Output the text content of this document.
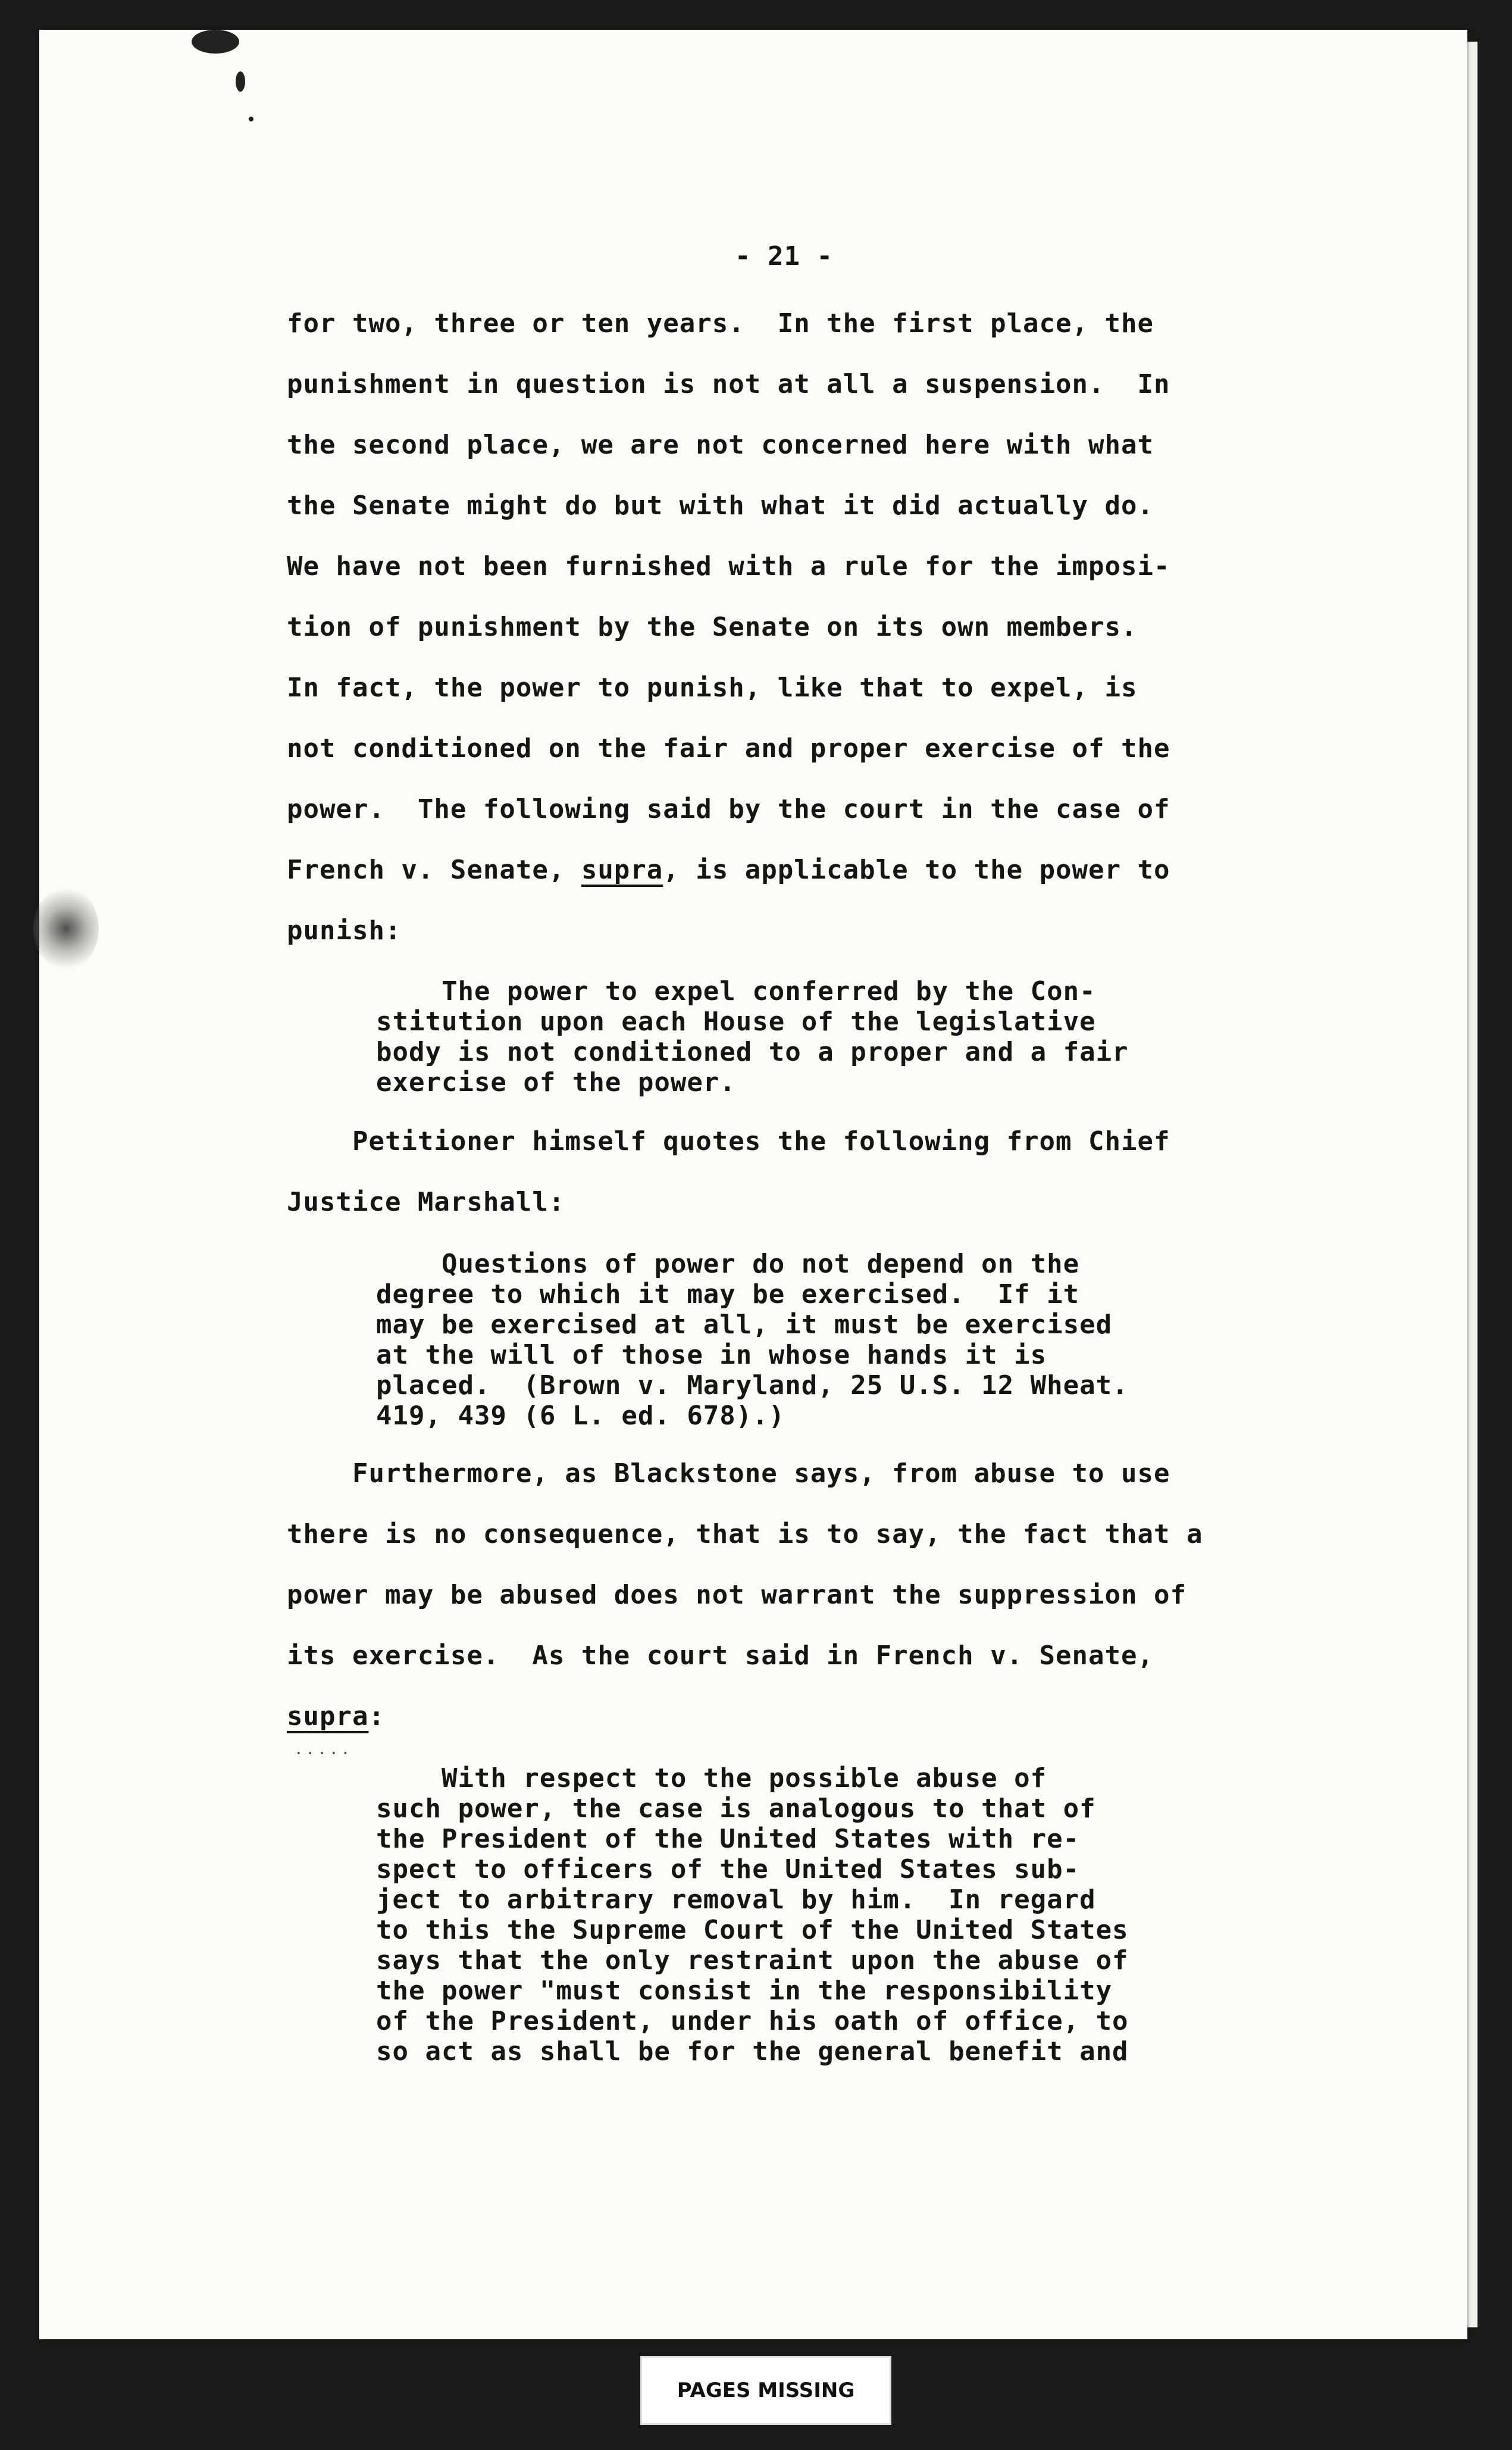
- 21 -
for two, three or ten years.  In the first place, the
punishment in question is not at all a suspension.  In
the second place, we are not concerned here with what
the Senate might do but with what it did actually do.
We have not been furnished with a rule for the imposi-
tion of punishment by the Senate on its own members.
In fact, the power to punish, like that to expel, is
not conditioned on the fair and proper exercise of the
power.  The following said by the court in the case of
French v. Senate, supra, is applicable to the power to
punish:
The power to expel conferred by the Con-
stitution upon each House of the legislative
body is not conditioned to a proper and a fair
exercise of the power.
Petitioner himself quotes the following from Chief
Justice Marshall:
Questions of power do not depend on the
degree to which it may be exercised.  If it
may be exercised at all, it must be exercised
at the will of those in whose hands it is
placed.  (Brown v. Maryland, 25 U.S. 12 Wheat.
419, 439 (6 L. ed. 678).)
Furthermore, as Blackstone says, from abuse to use
there is no consequence, that is to say, the fact that a
power may be abused does not warrant the suppression of
its exercise.  As the court said in French v. Senate,
supra:
.....
With respect to the possible abuse of
such power, the case is analogous to that of
the President of the United States with re-
spect to officers of the United States sub-
ject to arbitrary removal by him.  In regard
to this the Supreme Court of the United States
says that the only restraint upon the abuse of
the power "must consist in the responsibility
of the President, under his oath of office, to
so act as shall be for the general benefit and
PAGES MISSING
